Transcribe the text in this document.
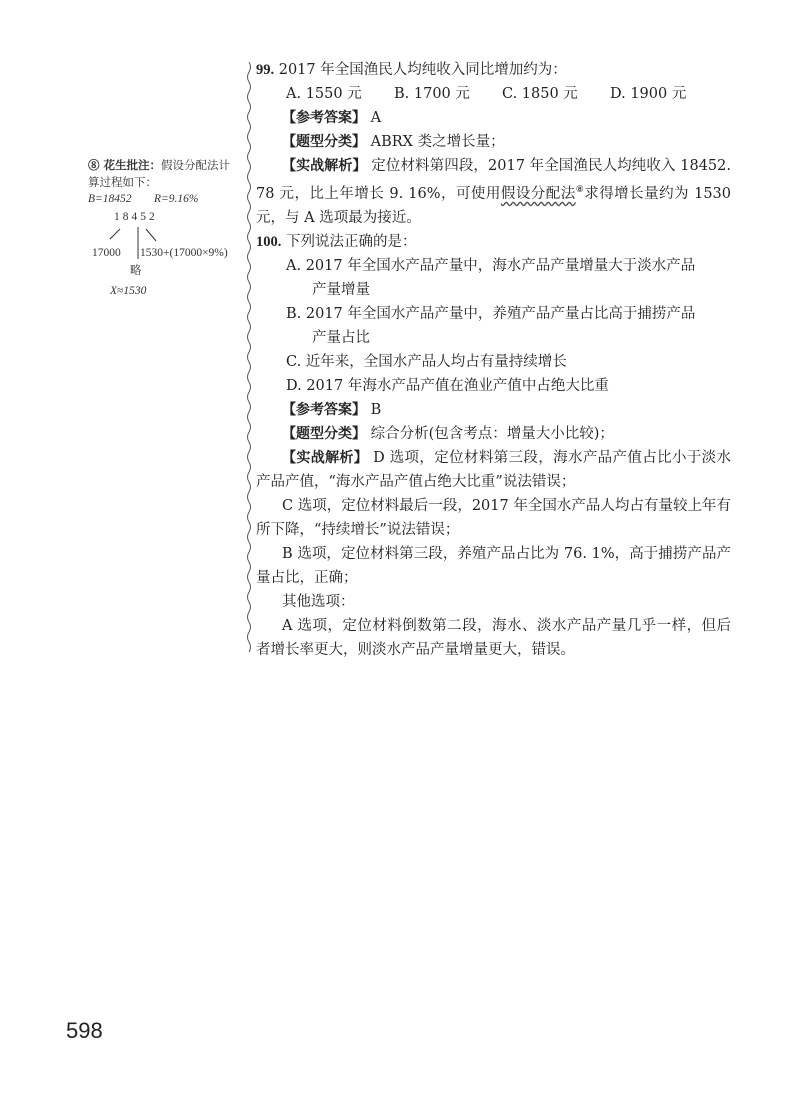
⑧ 花生批注：假设分配法计
算过程如下：
B=18452 R=9.16%
18452
17000 1530+(17000×9%)
略
X≈1530

99. 2017 年全国渔民人均纯收入同比增加约为：

A. 1550 元	B. 1700 元	C. 1850 元	D. 1900 元

【参考答案】 A

【题型分类】 ABRX 类之增长量；

【实战解析】 定位材料第四段，2017 年全国渔民人均纯收入 18452. 78 元，比上年增长 9. 16%，可使用假设分配法⑧求得增长量约为 1530 元，与 A 选项最为接近。

100. 下列说法正确的是：

A. 2017 年全国水产品产量中，海水产品产量增量大于淡水产品
产量增量

B. 2017 年全国水产品产量中，养殖产品产量占比高于捕捞产品
产量占比

C. 近年来，全国水产品人均占有量持续增长

D. 2017 年海水产品产值在渔业产值中占绝大比重

【参考答案】 B

【题型分类】 综合分析(包含考点：增量大小比较)；

【实战解析】 D 选项，定位材料第三段，海水产品产值占比小于淡水产品产值，“海水产品产值占绝大比重”说法错误；

C 选项，定位材料最后一段，2017 年全国水产品人均占有量较上年有所下降，“持续增长”说法错误；

B 选项，定位材料第三段，养殖产品占比为 76. 1%，高于捕捞产品产量占比，正确；

其他选项：

A 选项，定位材料倒数第二段，海水、淡水产品产量几乎一样，但后者增长率更大，则淡水产品产量增量更大，错误。

598
